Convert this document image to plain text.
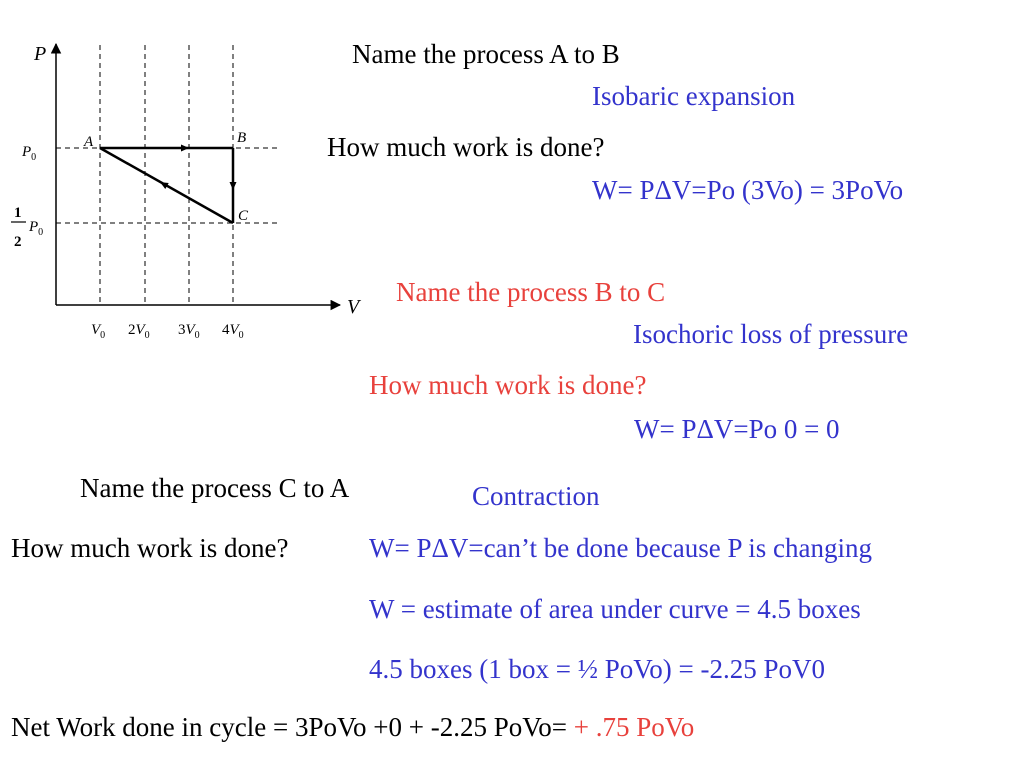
P
V
$P_0$
1
2
$P_0$
$V_0$ $2V_0$ $3V_0$ $4V_0$
A	B
C
Name the process A to B
Isobaric expansion
How much work is done?
W= PΔV=Po (3Vo) = 3PoVo
Name the process B to C
Isochoric loss of pressure
How much work is done?
W= PΔV=Po 0 = 0
Name the process C to A	Contraction
How much work is done?	W= PΔV=can’t be done because P is changing
W = estimate of area under curve = 4.5 boxes
4.5 boxes (1 box = ½ PoVo) = -2.25 PoV0
Net Work done in cycle = 3PoVo +0 + -2.25 PoVo= + .75 PoVo
